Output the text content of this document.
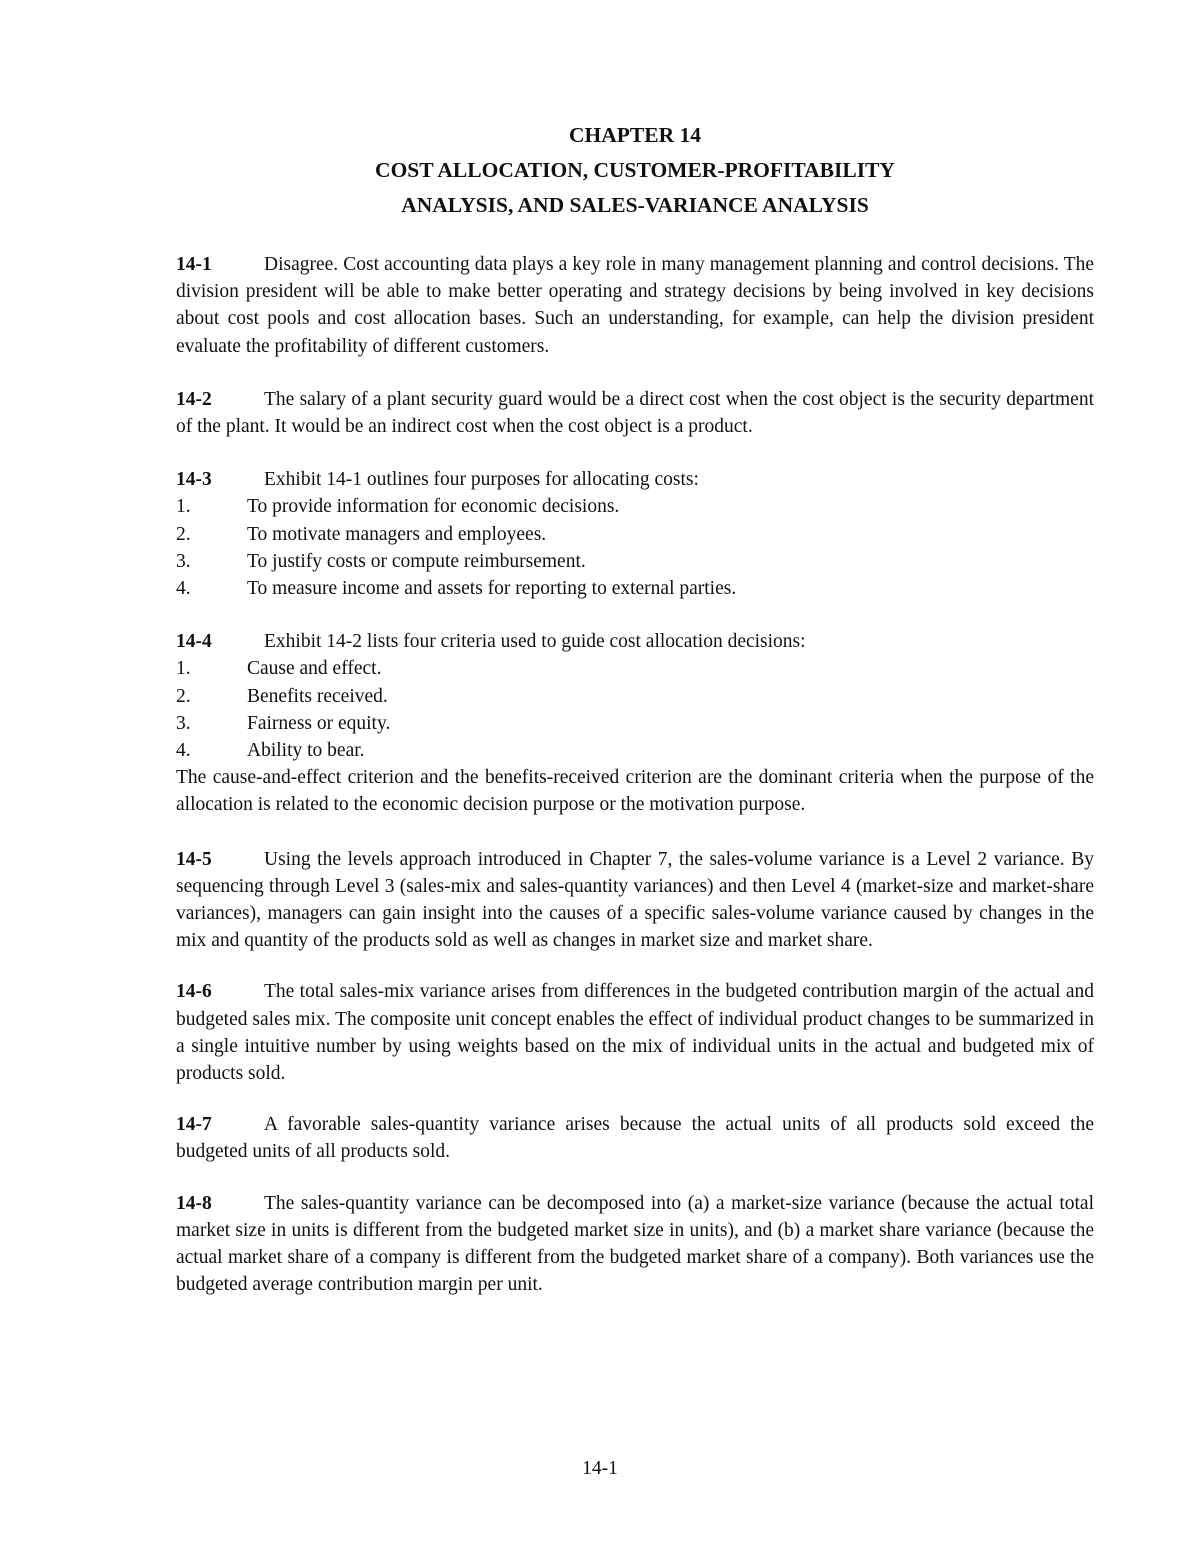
CHAPTER 14

COST ALLOCATION, CUSTOMER-PROFITABILITY

ANALYSIS, AND SALES-VARIANCE ANALYSIS

14-1	Disagree. Cost accounting data plays a key role in many management planning and control decisions. The division president will be able to make better operating and strategy decisions by being involved in key decisions about cost pools and cost allocation bases. Such an understanding, for example, can help the division president evaluate the profitability of different customers.

14-2	The salary of a plant security guard would be a direct cost when the cost object is the security department of the plant. It would be an indirect cost when the cost object is a product.

14-3	Exhibit 14-1 outlines four purposes for allocating costs:

1.	To provide information for economic decisions.
2.	To motivate managers and employees.
3.	To justify costs or compute reimbursement.
4.	To measure income and assets for reporting to external parties.

14-4	Exhibit 14-2 lists four criteria used to guide cost allocation decisions:

1.	Cause and effect.
2.	Benefits received.
3.	Fairness or equity.
4.	Ability to bear.

The cause-and-effect criterion and the benefits-received criterion are the dominant criteria when the purpose of the allocation is related to the economic decision purpose or the motivation purpose.

14-5	Using the levels approach introduced in Chapter 7, the sales-volume variance is a Level 2 variance. By sequencing through Level 3 (sales-mix and sales-quantity variances) and then Level 4 (market-size and market-share variances), managers can gain insight into the causes of a specific sales-volume variance caused by changes in the mix and quantity of the products sold as well as changes in market size and market share.

14-6	The total sales-mix variance arises from differences in the budgeted contribution margin of the actual and budgeted sales mix. The composite unit concept enables the effect of individual product changes to be summarized in a single intuitive number by using weights based on the mix of individual units in the actual and budgeted mix of products sold.

14-7	A favorable sales-quantity variance arises because the actual units of all products sold exceed the budgeted units of all products sold.

14-8	The sales-quantity variance can be decomposed into (a) a market-size variance (because the actual total market size in units is different from the budgeted market size in units), and (b) a market share variance (because the actual market share of a company is different from the budgeted market share of a company). Both variances use the budgeted average contribution margin per unit.

14-1
